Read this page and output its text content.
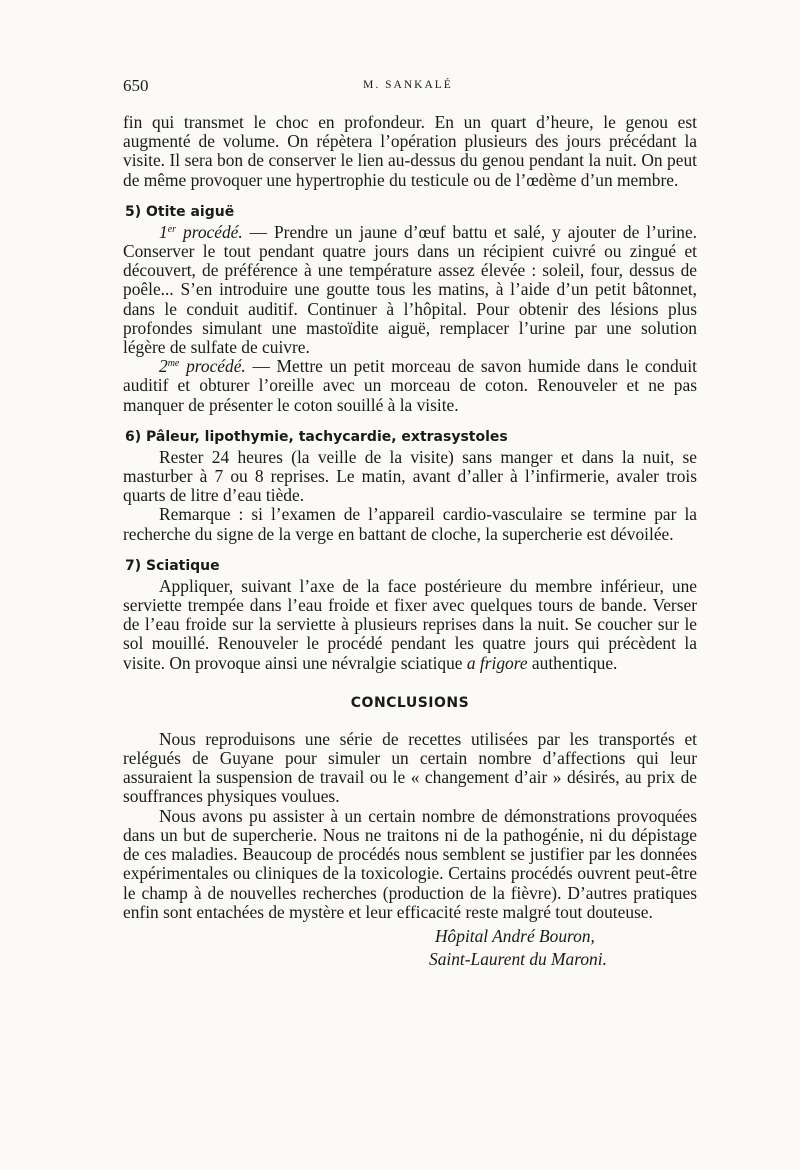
650	M. SANKALÉ

fin qui transmet le choc en profondeur. En un quart d’heure, le genou est augmenté de volume. On répètera l’opération plusieurs des jours précédant la visite. Il sera bon de conserver le lien au-dessus du genou pendant la nuit. On peut de même provoquer une hypertrophie du testicule ou de l’œdème d’un membre.

5) Otite aiguë

1er procédé. — Prendre un jaune d’œuf battu et salé, y ajouter de l’urine. Conserver le tout pendant quatre jours dans un récipient cuivré ou zingué et découvert, de préférence à une température assez élevée : soleil, four, dessus de poêle... S’en introduire une goutte tous les matins, à l’aide d’un petit bâtonnet, dans le conduit auditif. Continuer à l’hôpital. Pour obtenir des lésions plus profondes simulant une mastoïdite aiguë, remplacer l’urine par une solution légère de sulfate de cuivre.

$2^{me}$ procédé. — Mettre un petit morceau de savon humide dans le conduit auditif et obturer l’oreille avec un morceau de coton. Renouveler et ne pas manquer de présenter le coton souillé à la visite.

6) Pâleur, lipothymie, tachycardie, extrasystoles

Rester 24 heures (la veille de la visite) sans manger et dans la nuit, se masturber à 7 ou 8 reprises. Le matin, avant d’aller à l’infirmerie, avaler trois quarts de litre d’eau tiède.

Remarque : si l’examen de l’appareil cardio-vasculaire se termine par la recherche du signe de la verge en battant de cloche, la supercherie est dévoilée.

7) Sciatique

Appliquer, suivant l’axe de la face postérieure du membre inférieur, une serviette trempée dans l’eau froide et fixer avec quelques tours de bande. Verser de l’eau froide sur la serviette à plusieurs reprises dans la nuit. Se coucher sur le sol mouillé. Renouveler le procédé pendant les quatre jours qui précèdent la visite. On provoque ainsi une névralgie sciatique a frigore authentique.

CONCLUSIONS

Nous reproduisons une série de recettes utilisées par les transportés et relégués de Guyane pour simuler un certain nombre d’affections qui leur assuraient la suspension de travail ou le « changement d’air » désirés, au prix de souffrances physiques voulues.

Nous avons pu assister à un certain nombre de démonstrations provoquées dans un but de supercherie. Nous ne traitons ni de la pathogénie, ni du dépistage de ces maladies. Beaucoup de procédés nous semblent se justifier par les données expérimentales ou cliniques de la toxicologie. Certains procédés ouvrent peut-être le champ à de nouvelles recherches (production de la fièvre). D’autres pratiques enfin sont entachées de mystère et leur efficacité reste malgré tout douteuse.

Hôpital André Bouron,
Saint-Laurent du Maroni.
